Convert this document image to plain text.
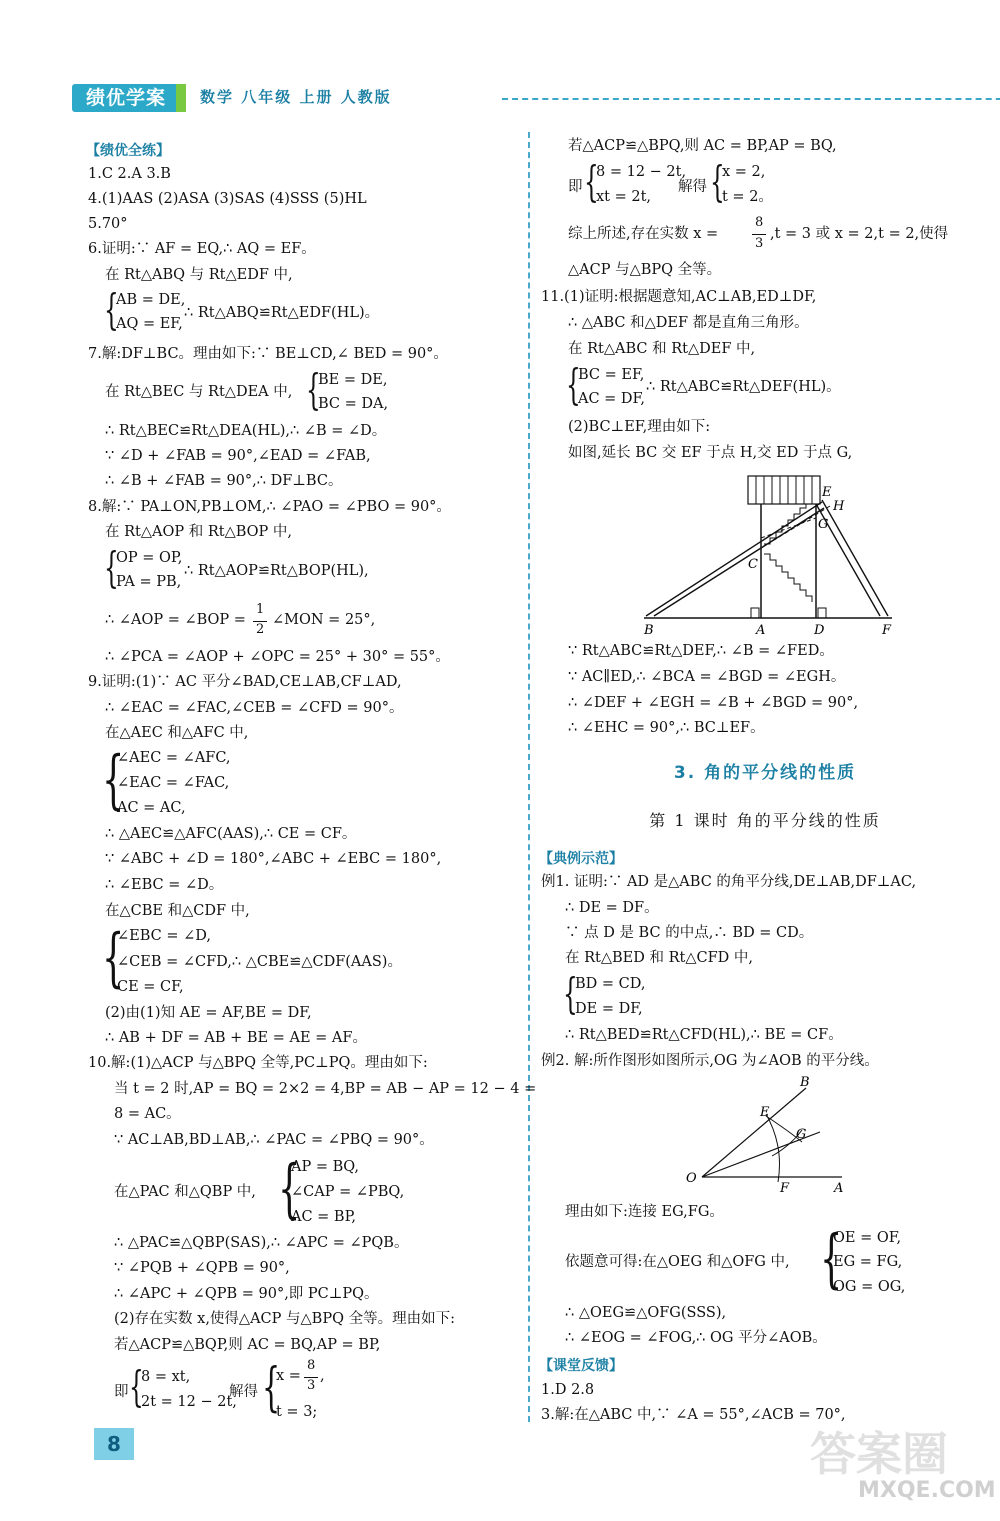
绩优学案	数学 八年级 上册 人教版
【绩优全练】
1.C 2.A 3.B
4.(1)AAS (2)ASA (3)SAS (4)SSS (5)HL
5.70°
6.证明:∵ AF = EQ,∴ AQ = EF。
在 Rt△ABQ 与 Rt△EDF 中,
{
AB = DE,
AQ = EF,
∴ Rt△ABQ≌Rt△EDF(HL)。
7.解:DF⊥BC。理由如下:∵ BE⊥CD,∠ BED = 90°。
在 Rt△BEC 与 Rt△DEA 中, {
BE = DE,
BC = DA,
∴ Rt△BEC≌Rt△DEA(HL),∴ ∠B = ∠D。
∵ ∠D + ∠FAB = 90°,∠EAD = ∠FAB,
∴ ∠B + ∠FAB = 90°,∴ DF⊥BC。
8.解:∵ PA⊥ON,PB⊥OM,∴ ∠PAO = ∠PBO = 90°。
在 Rt△AOP 和 Rt△BOP 中,
{
OP = OP,
PA = PB,
∴ Rt△AOP≌Rt△BOP(HL),
∴ ∠AOP = ∠BOP =
1
2
∠MON = 25°,
∴ ∠PCA = ∠AOP + ∠OPC = 25° + 30° = 55°。
9.证明:(1)∵ AC 平分∠BAD,CE⊥AB,CF⊥AD,
∴ ∠EAC = ∠FAC,∠CEB = ∠CFD = 90°。
在△AEC 和△AFC 中,
{
∠AEC = ∠AFC,
∠EAC = ∠FAC,
AC = AC,
∴ △AEC≌△AFC(AAS),∴ CE = CF。
∵ ∠ABC + ∠D = 180°,∠ABC + ∠EBC = 180°,
∴ ∠EBC = ∠D。
在△CBE 和△CDF 中,
{
∠EBC = ∠D,
∠CEB = ∠CFD,∴ △CBE≌△CDF(AAS)。
CE = CF,
(2)由(1)知 AE = AF,BE = DF,
∴ AB + DF = AB + BE = AE = AF。
10.解:(1)△ACP 与△BPQ 全等,PC⊥PQ。理由如下:
当 t = 2 时,AP = BQ = 2×2 = 4,BP = AB − AP = 12 − 4 =
8 = AC。
∵ AC⊥AB,BD⊥AB,∴ ∠PAC = ∠PBQ = 90°。
在△PAC 和△QBP 中, {
AP = BQ,
∠CAP = ∠PBQ,
AC = BP,
∴ △PAC≌△QBP(SAS),∴ ∠APC = ∠PQB。
∵ ∠PQB + ∠QPB = 90°,
∴ ∠APC + ∠QPB = 90°,即 PC⊥PQ。
(2)存在实数 x,使得△ACP 与△BPQ 全等。理由如下:
若△ACP≌△BQP,则 AC = BQ,AP = BP,
即 {
8 = xt,
2t = 12 − 2t,
解得 {
x =
8
3
,
t = 3;
若△ACP≌△BPQ,则 AC = BP,AP = BQ,
即 {
8 = 12 − 2t,
xt = 2t,
解得 {
x = 2,
t = 2。
综上所述,存在实数 x =
8
3
,t = 3 或 x = 2,t = 2,使得
△ACP 与△BPQ 全等。
11.(1)证明:根据题意知,AC⊥AB,ED⊥DF,
∴ △ABC 和△DEF 都是直角三角形。
在 Rt△ABC 和 Rt△DEF 中,
{
BC = EF,
AC = DF,
∴ Rt△ABC≌Rt△DEF(HL)。
(2)BC⊥EF,理由如下:
如图,延长 BC 交 EF 于点 H,交 ED 于点 G,
B	A	D	F
C
E
H
G
∵ Rt△ABC≌Rt△DEF,∴ ∠B = ∠FED。
∵ AC∥ED,∴ ∠BCA = ∠BGD = ∠EGH。
∴ ∠DEF + ∠EGH = ∠B + ∠BGD = 90°,
∴ ∠EHC = 90°,∴ BC⊥EF。
3. 角的平分线的性质
第 1 课时 角的平分线的性质
【典例示范】
例1. 证明:∵ AD 是△ABC 的角平分线,DE⊥AB,DF⊥AC,
∴ DE = DF。
∵ 点 D 是 BC 的中点,∴ BD = CD。
在 Rt△BED 和 Rt△CFD 中,
{
BD = CD,
DE = DF,
∴ Rt△BED≌Rt△CFD(HL),∴ BE = CF。
例2. 解:所作图形如图所示,OG 为∠AOB 的平分线。
O
A
B
E
F
G
理由如下:连接 EG,FG。
依题意可得:在△OEG 和△OFG 中, {
OE = OF,
EG = FG,
OG = OG,
∴ △OEG≌△OFG(SSS),
∴ ∠EOG = ∠FOG,∴ OG 平分∠AOB。
【课堂反馈】
1.D 2.8
3.解:在△ABC 中,∵ ∠A = 55°,∠ACB = 70°,
8	答案圈
MXQE.COM
